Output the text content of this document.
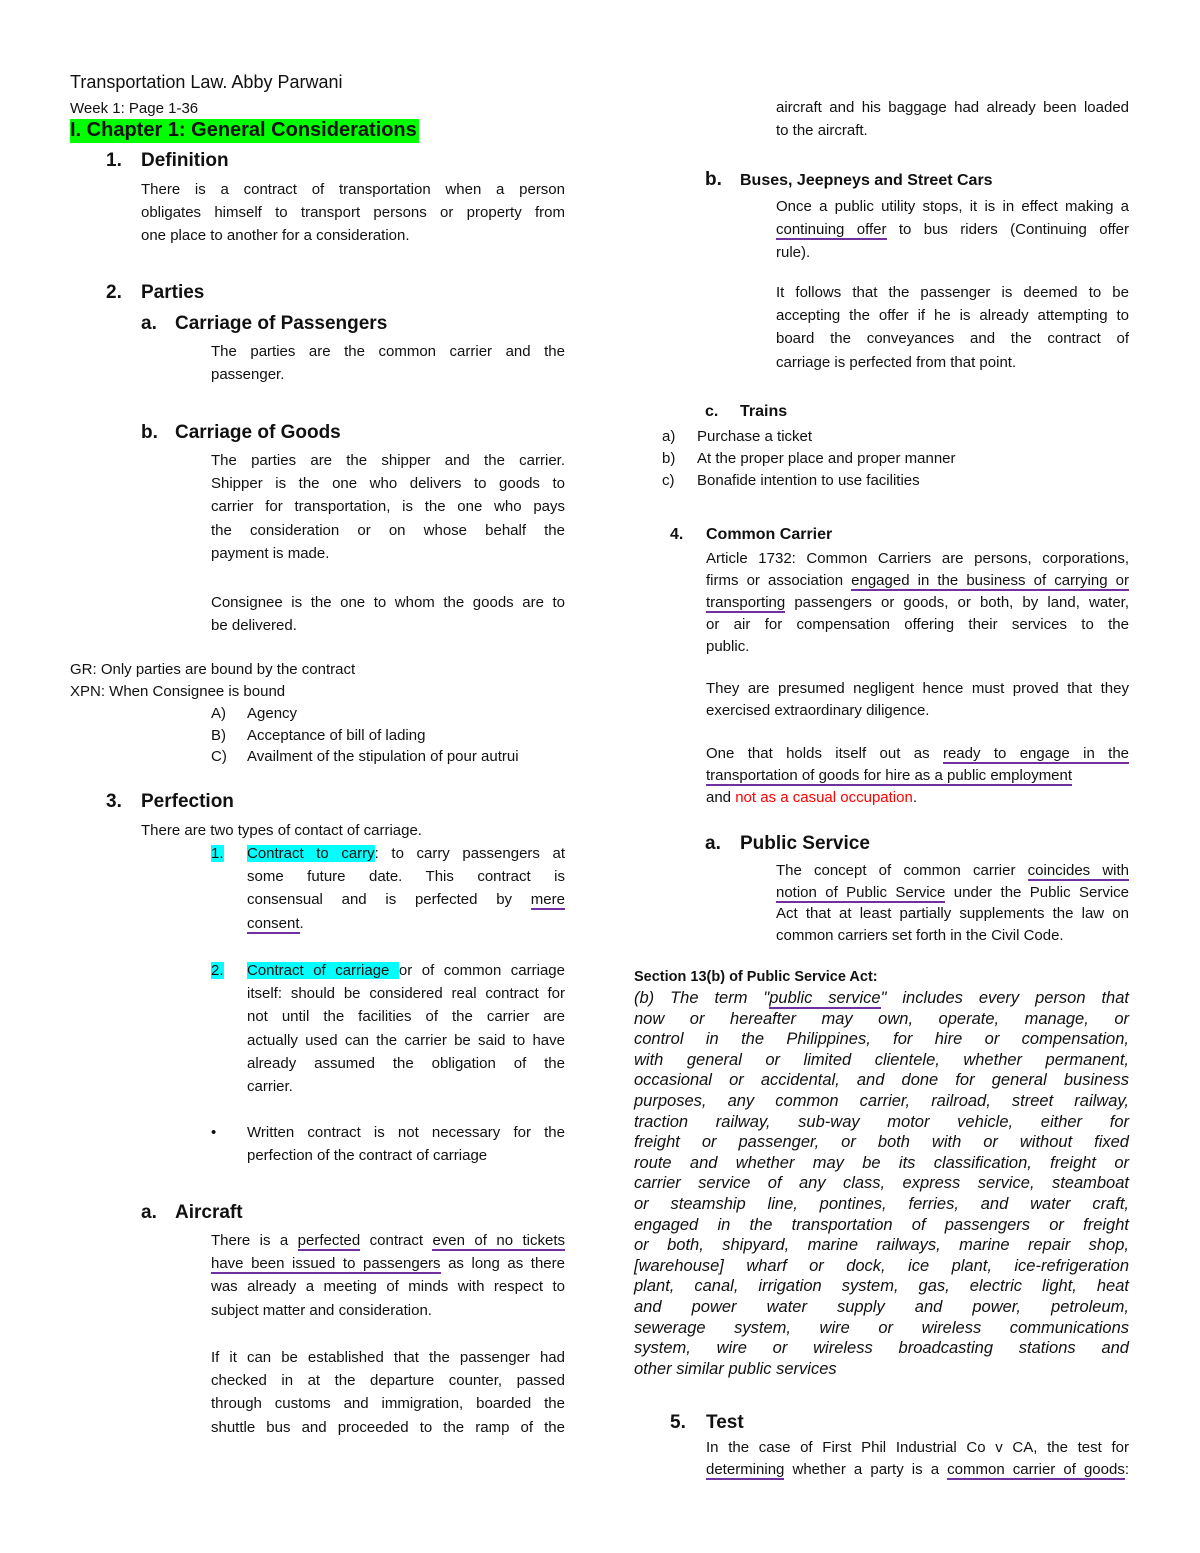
Transportation Law. Abby Parwani
Week 1: Page 1-36
I. Chapter 1: General Considerations
1. Definition
There is a contract of transportation when a person
obligates himself to transport persons or property from
one place to another for a consideration.
2. Parties
a. Carriage of Passengers
The parties are the common carrier and the
passenger.
b. Carriage of Goods
The parties are the shipper and the carrier.
Shipper is the one who delivers to goods to
carrier for transportation, is the one who pays
the consideration or on whose behalf the
payment is made.
Consignee is the one to whom the goods are to
be delivered.
GR: Only parties are bound by the contract
XPN: When Consignee is bound
A) Agency
B) Acceptance of bill of lading
C) Availment of the stipulation of pour autrui
3. Perfection
There are two types of contact of carriage.
1. Contract to carry: to carry passengers at
some future date. This contract is
consensual and is perfected by mere
consent.
2. Contract of carriage or of common carriage
itself: should be considered real contract for
not until the facilities of the carrier are
actually used can the carrier be said to have
already assumed the obligation of the
carrier.
• Written contract is not necessary for the
perfection of the contract of carriage
a. Aircraft
There is a perfected contract even of no tickets
have been issued to passengers as long as there
was already a meeting of minds with respect to
subject matter and consideration.
If it can be established that the passenger had
checked in at the departure counter, passed
through customs and immigration, boarded the
shuttle bus and proceeded to the ramp of the
aircraft and his baggage had already been loaded
to the aircraft.
b. Buses, Jeepneys and Street Cars
Once a public utility stops, it is in effect making a
continuing offer to bus riders (Continuing offer
rule).
It follows that the passenger is deemed to be
accepting the offer if he is already attempting to
board the conveyances and the contract of
carriage is perfected from that point.
c. Trains
a) Purchase a ticket
b) At the proper place and proper manner
c) Bonafide intention to use facilities
4. Common Carrier
Article 1732: Common Carriers are persons, corporations,
firms or association engaged in the business of carrying or
transporting passengers or goods, or both, by land, water,
or air for compensation offering their services to the
public.
They are presumed negligent hence must proved that they
exercised extraordinary diligence.
One that holds itself out as ready to engage in the
transportation of goods for hire as a public employment
and not as a casual occupation.
a. Public Service
The concept of common carrier coincides with
notion of Public Service under the Public Service
Act that at least partially supplements the law on
common carriers set forth in the Civil Code.
Section 13(b) of Public Service Act:
(b) The term "public service" includes every person that
now or hereafter may own, operate, manage, or
control in the Philippines, for hire or compensation,
with general or limited clientele, whether permanent,
occasional or accidental, and done for general business
purposes, any common carrier, railroad, street railway,
traction railway, sub-way motor vehicle, either for
freight or passenger, or both with or without fixed
route and whether may be its classification, freight or
carrier service of any class, express service, steamboat
or steamship line, pontines, ferries, and water craft,
engaged in the transportation of passengers or freight
or both, shipyard, marine railways, marine repair shop,
[warehouse] wharf or dock, ice plant, ice-refrigeration
plant, canal, irrigation system, gas, electric light, heat
and power water supply and power, petroleum,
sewerage system, wire or wireless communications
system, wire or wireless broadcasting stations and
other similar public services
5. Test
In the case of First Phil Industrial Co v CA, the test for
determining whether a party is a common carrier of goods:
